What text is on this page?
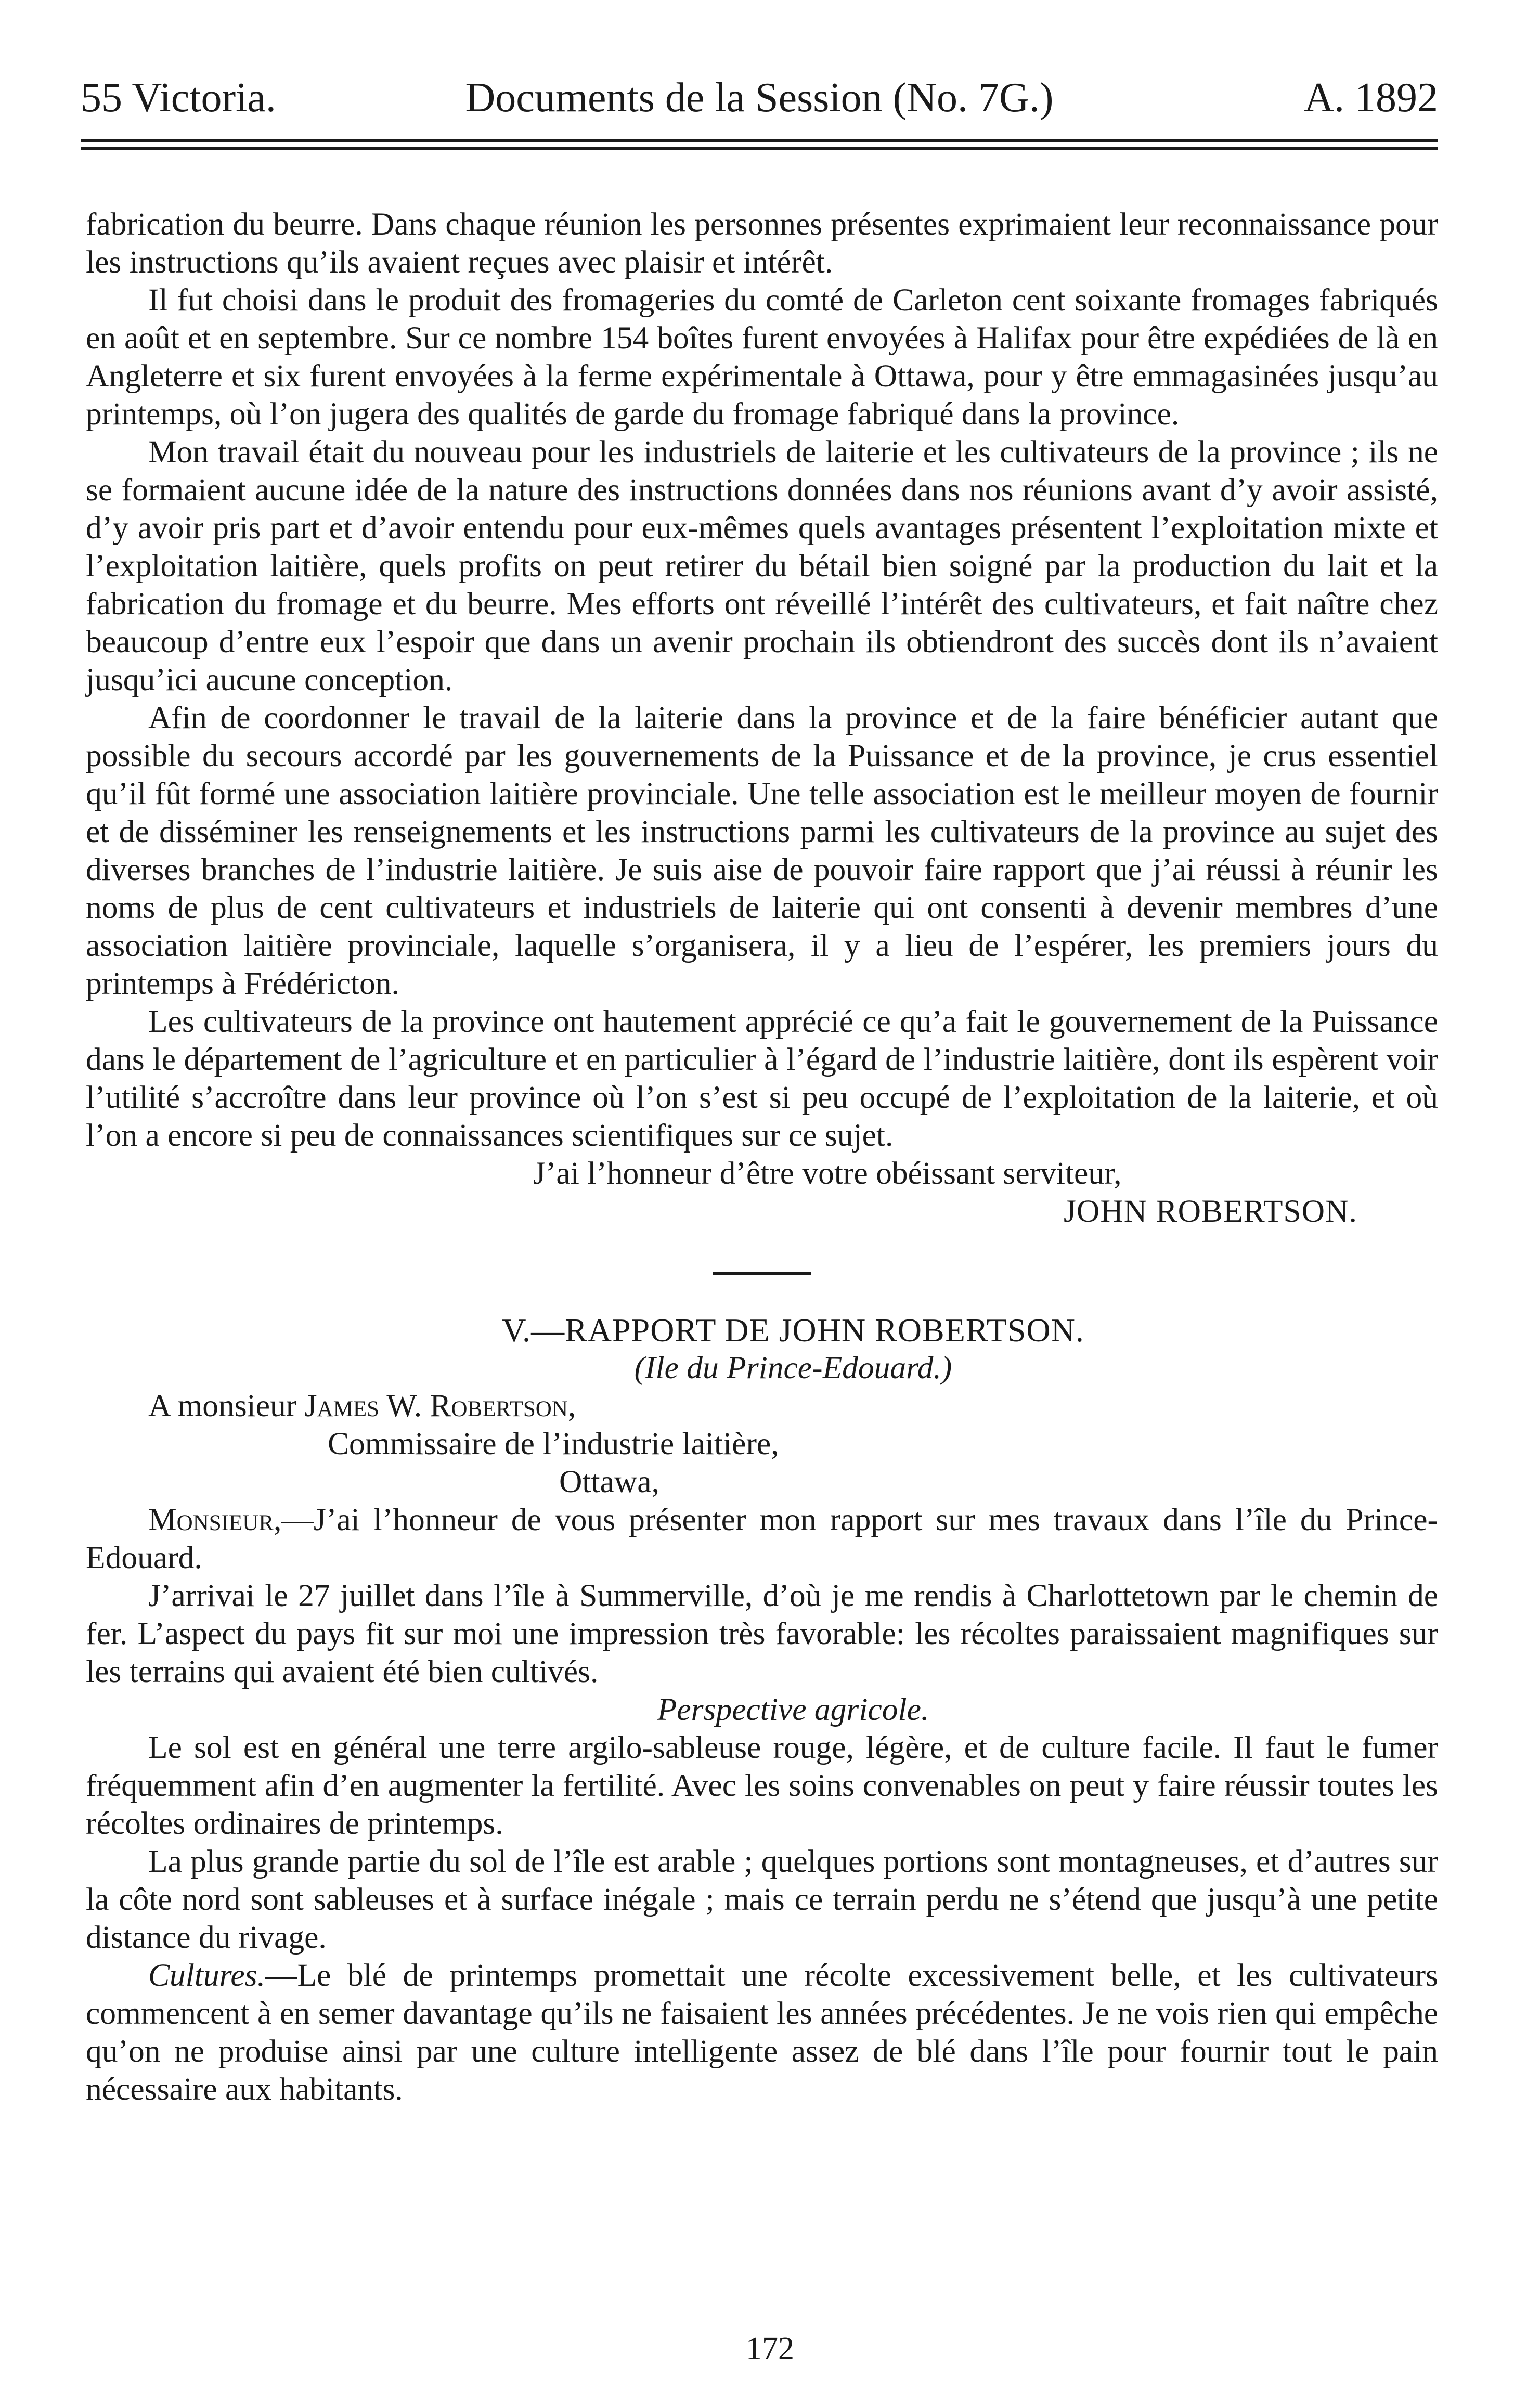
55 Victoria.	Documents de la Session (No. 7G.)	A. 1892

fabrication du beurre. Dans chaque réunion les personnes présentes exprimaient leur reconnaissance pour les instructions qu’ils avaient reçues avec plaisir et intérêt.

Il fut choisi dans le produit des fromageries du comté de Carleton cent soixante fromages fabriqués en août et en septembre. Sur ce nombre 154 boîtes furent envoyées à Halifax pour être expédiées de là en Angleterre et six furent envoyées à la ferme expérimentale à Ottawa, pour y être emmagasinées jusqu’au printemps, où l’on jugera des qualités de garde du fromage fabriqué dans la province.

Mon travail était du nouveau pour les industriels de laiterie et les cultivateurs de la province ; ils ne se formaient aucune idée de la nature des instructions données dans nos réunions avant d’y avoir assisté, d’y avoir pris part et d’avoir entendu pour eux-mêmes quels avantages présentent l’exploitation mixte et l’exploitation laitière, quels profits on peut retirer du bétail bien soigné par la production du lait et la fabrication du fromage et du beurre. Mes efforts ont réveillé l’intérêt des cultivateurs, et fait naître chez beaucoup d’entre eux l’espoir que dans un avenir prochain ils obtiendront des succès dont ils n’avaient jusqu’ici aucune conception.

Afin de coordonner le travail de la laiterie dans la province et de la faire bénéficier autant que possible du secours accordé par les gouvernements de la Puissance et de la province, je crus essentiel qu’il fût formé une association laitière provinciale. Une telle association est le meilleur moyen de fournir et de disséminer les renseignements et les instructions parmi les cultivateurs de la province au sujet des diverses branches de l’industrie laitière. Je suis aise de pouvoir faire rapport que j’ai réussi à réunir les noms de plus de cent cultivateurs et industriels de laiterie qui ont consenti à devenir membres d’une association laitière provinciale, laquelle s’organisera, il y a lieu de l’espérer, les premiers jours du printemps à Frédéricton.

Les cultivateurs de la province ont hautement apprécié ce qu’a fait le gouvernement de la Puissance dans le département de l’agriculture et en particulier à l’égard de l’industrie laitière, dont ils espèrent voir l’utilité s’accroître dans leur province où l’on s’est si peu occupé de l’exploitation de la laiterie, et où l’on a encore si peu de connaissances scientifiques sur ce sujet.

J’ai l’honneur d’être votre obéissant serviteur,

JOHN ROBERTSON.

V.—RAPPORT DE JOHN ROBERTSON.

(Ile du Prince-Edouard.)

A monsieur James W. Robertson,

Commissaire de l’industrie laitière,

Ottawa,

Monsieur,—J’ai l’honneur de vous présenter mon rapport sur mes travaux dans l’île du Prince-Edouard.

J’arrivai le 27 juillet dans l’île à Summerville, d’où je me rendis à Charlottetown par le chemin de fer. L’aspect du pays fit sur moi une impression très favorable: les récoltes paraissaient magnifiques sur les terrains qui avaient été bien cultivés.

Perspective agricole.

Le sol est en général une terre argilo-sableuse rouge, légère, et de culture facile. Il faut le fumer fréquemment afin d’en augmenter la fertilité. Avec les soins convenables on peut y faire réussir toutes les récoltes ordinaires de printemps.

La plus grande partie du sol de l’île est arable ; quelques portions sont montagneuses, et d’autres sur la côte nord sont sableuses et à surface inégale ; mais ce terrain perdu ne s’étend que jusqu’à une petite distance du rivage.

Cultures.—Le blé de printemps promettait une récolte excessivement belle, et les cultivateurs commencent à en semer davantage qu’ils ne faisaient les années précédentes. Je ne vois rien qui empêche qu’on ne produise ainsi par une culture intelligente assez de blé dans l’île pour fournir tout le pain nécessaire aux habitants.

172
